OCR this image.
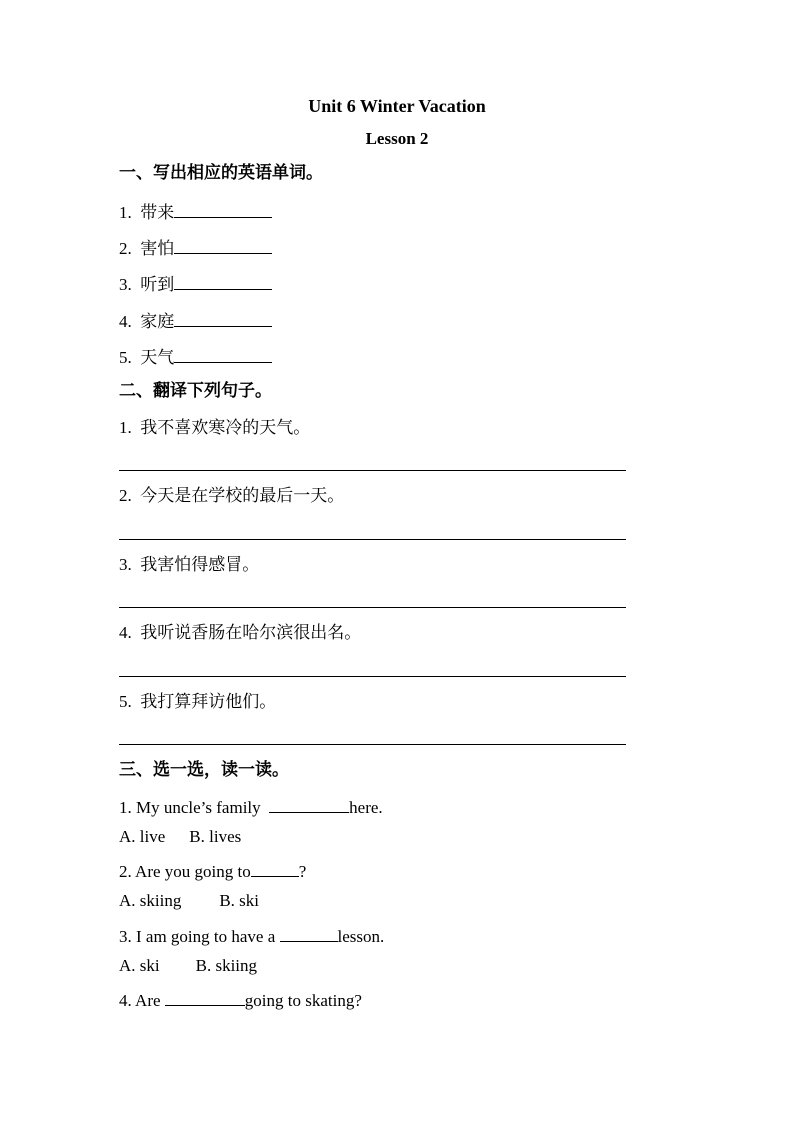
Unit 6 Winter Vacation
Lesson 2
一、写出相应的英语单词。
1. 带来
2. 害怕
3. 听到
4. 家庭
5. 天气
二、翻译下列句子。
1. 我不喜欢寒冷的天气。
2. 今天是在学校的最后一天。
3. 我害怕得感冒。
4. 我听说香肠在哈尔滨很出名。
5. 我打算拜访他们。
三、选一选，读一读。
1. My uncle’s family	here.
A. live B. lives
2. Are you going to	?
A. skiing B. ski
3. I am going to have a	lesson.
A. ski B. skiing
4. Are	going to skating?
